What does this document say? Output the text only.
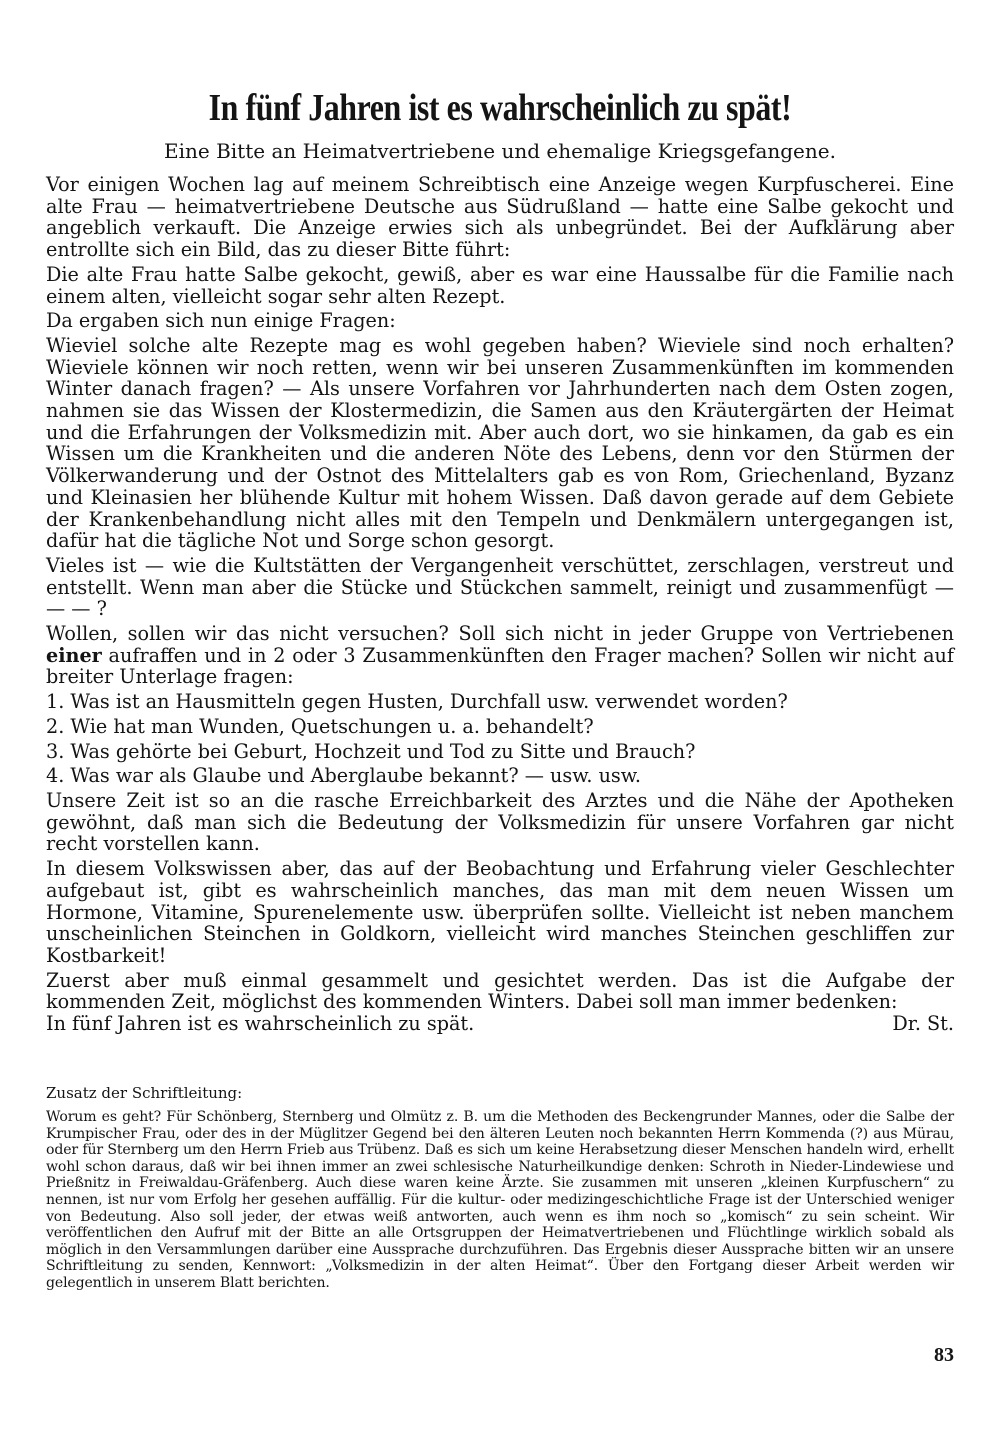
In fünf Jahren ist es wahrscheinlich zu spät!

Eine Bitte an Heimatvertriebene und ehemalige Kriegsgefangene.

Vor einigen Wochen lag auf meinem Schreibtisch eine Anzeige wegen Kurpfuscherei. Eine alte Frau — heimatvertriebene Deutsche aus Südrußland — hatte eine Salbe gekocht und angeblich verkauft. Die Anzeige erwies sich als unbegründet. Bei der Aufklärung aber entrollte sich ein Bild, das zu dieser Bitte führt:

Die alte Frau hatte Salbe gekocht, gewiß, aber es war eine Haussalbe für die Familie nach einem alten, vielleicht sogar sehr alten Rezept.

Da ergaben sich nun einige Fragen:

Wieviel solche alte Rezepte mag es wohl gegeben haben? Wieviele sind noch erhalten? Wieviele können wir noch retten, wenn wir bei unseren Zusammenkünften im kommenden Winter danach fragen? — Als unsere Vorfahren vor Jahrhunderten nach dem Osten zogen, nahmen sie das Wissen der Klostermedizin, die Samen aus den Kräutergärten der Heimat und die Erfahrungen der Volksmedizin mit. Aber auch dort, wo sie hinkamen, da gab es ein Wissen um die Krankheiten und die anderen Nöte des Lebens, denn vor den Stürmen der Völkerwanderung und der Ostnot des Mittelalters gab es von Rom, Griechenland, Byzanz und Kleinasien her blühende Kultur mit hohem Wissen. Daß davon gerade auf dem Gebiete der Krankenbehandlung nicht alles mit den Tempeln und Denkmälern untergegangen ist, dafür hat die tägliche Not und Sorge schon gesorgt.

Vieles ist — wie die Kultstätten der Vergangenheit verschüttet, zerschlagen, verstreut und entstellt. Wenn man aber die Stücke und Stückchen sammelt, reinigt und zusammenfügt — — — ?

Wollen, sollen wir das nicht versuchen? Soll sich nicht in jeder Gruppe von Vertriebenen einer aufraffen und in 2 oder 3 Zusammenkünften den Frager machen? Sollen wir nicht auf breiter Unterlage fragen:

1. Was ist an Hausmitteln gegen Husten, Durchfall usw. verwendet worden?

2. Wie hat man Wunden, Quetschungen u. a. behandelt?

3. Was gehörte bei Geburt, Hochzeit und Tod zu Sitte und Brauch?

4. Was war als Glaube und Aberglaube bekannt? — usw. usw.

Unsere Zeit ist so an die rasche Erreichbarkeit des Arztes und die Nähe der Apotheken gewöhnt, daß man sich die Bedeutung der Volksmedizin für unsere Vorfahren gar nicht recht vorstellen kann.

In diesem Volkswissen aber, das auf der Beobachtung und Erfahrung vieler Geschlechter aufgebaut ist, gibt es wahrscheinlich manches, das man mit dem neuen Wissen um Hormone, Vitamine, Spurenelemente usw. überprüfen sollte. Vielleicht ist neben manchem unscheinlichen Steinchen in Goldkorn, vielleicht wird manches Steinchen geschliffen zur Kostbarkeit!

Zuerst aber muß einmal gesammelt und gesichtet werden. Das ist die Aufgabe der kommenden Zeit, möglichst des kommenden Winters. Dabei soll man immer bedenken:

In fünf Jahren ist es wahrscheinlich zu spät.	Dr. St.

Zusatz der Schriftleitung:

Worum es geht? Für Schönberg, Sternberg und Olmütz z. B. um die Methoden des Beckengrunder Mannes, oder die Salbe der Krumpischer Frau, oder des in der Müglitzer Gegend bei den älteren Leuten noch bekannten Herrn Kommenda (?) aus Mürau, oder für Sternberg um den Herrn Frieb aus Trübenz. Daß es sich um keine Herabsetzung dieser Menschen handeln wird, erhellt wohl schon daraus, daß wir bei ihnen immer an zwei schlesische Naturheilkundige denken: Schroth in Nieder-Lindewiese und Prießnitz in Freiwaldau-Gräfenberg. Auch diese waren keine Ärzte. Sie zusammen mit unseren „kleinen Kurpfuschern“ zu nennen, ist nur vom Erfolg her gesehen auffällig. Für die kultur- oder medizingeschichtliche Frage ist der Unterschied weniger von Bedeutung. Also soll jeder, der etwas weiß antworten, auch wenn es ihm noch so „komisch“ zu sein scheint. Wir veröffentlichen den Aufruf mit der Bitte an alle Ortsgruppen der Heimatvertriebenen und Flüchtlinge wirklich sobald als möglich in den Versammlungen darüber eine Aussprache durchzuführen. Das Ergebnis dieser Aussprache bitten wir an unsere Schriftleitung zu senden, Kennwort: „Volksmedizin in der alten Heimat“. Über den Fortgang dieser Arbeit werden wir gelegentlich in unserem Blatt berichten.

83
